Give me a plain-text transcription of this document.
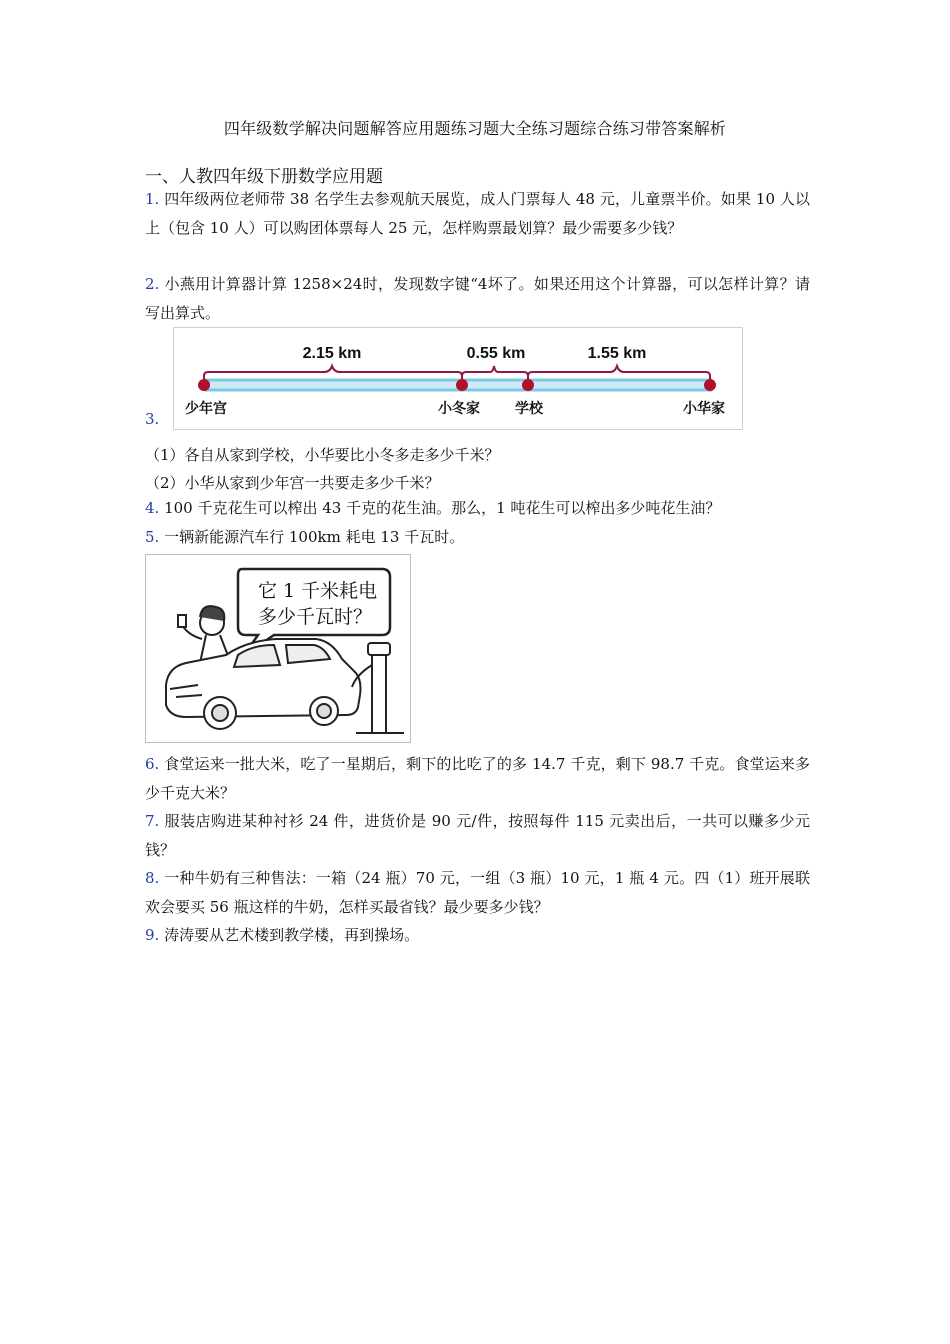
四年级数学解决问题解答应用题练习题大全练习题综合练习带答案解析
一、人教四年级下册数学应用题
1. 四年级两位老师带 38 名学生去参观航天展览，成人门票每人 48 元，儿童票半价。如果 10 人以上（包含 10 人）可以购团体票每人 25 元，怎样购票最划算？最少需要多少钱？
2. 小燕用计算器计算 1258×24时，发现数字键“4坏了。如果还用这个计算器，可以怎样计算？请写出算式。
2.15 km	0.55 km	1.55 km
少年宫	小冬家	学校	小华家
3.
（1）各自从家到学校，小华要比小冬多走多少千米？
（2）小华从家到少年宫一共要走多少千米？
4. 100 千克花生可以榨出 43 千克的花生油。那么，1 吨花生可以榨出多少吨花生油？
5. 一辆新能源汽车行 100km 耗电 13 千瓦时。
它 1 千米耗电
多少千瓦时？
6. 食堂运来一批大米，吃了一星期后，剩下的比吃了的多 14.7 千克，剩下 98.7 千克。食堂运来多少千克大米？
7. 服装店购进某种衬衫 24 件，进货价是 90 元/件，按照每件 115 元卖出后，一共可以赚多少元钱？
8. 一种牛奶有三种售法：一箱（24 瓶）70 元，一组（3 瓶）10 元，1 瓶 4 元。四（1）班开展联欢会要买 56 瓶这样的牛奶，怎样买最省钱？最少要多少钱？
9. 涛涛要从艺术楼到教学楼，再到操场。
